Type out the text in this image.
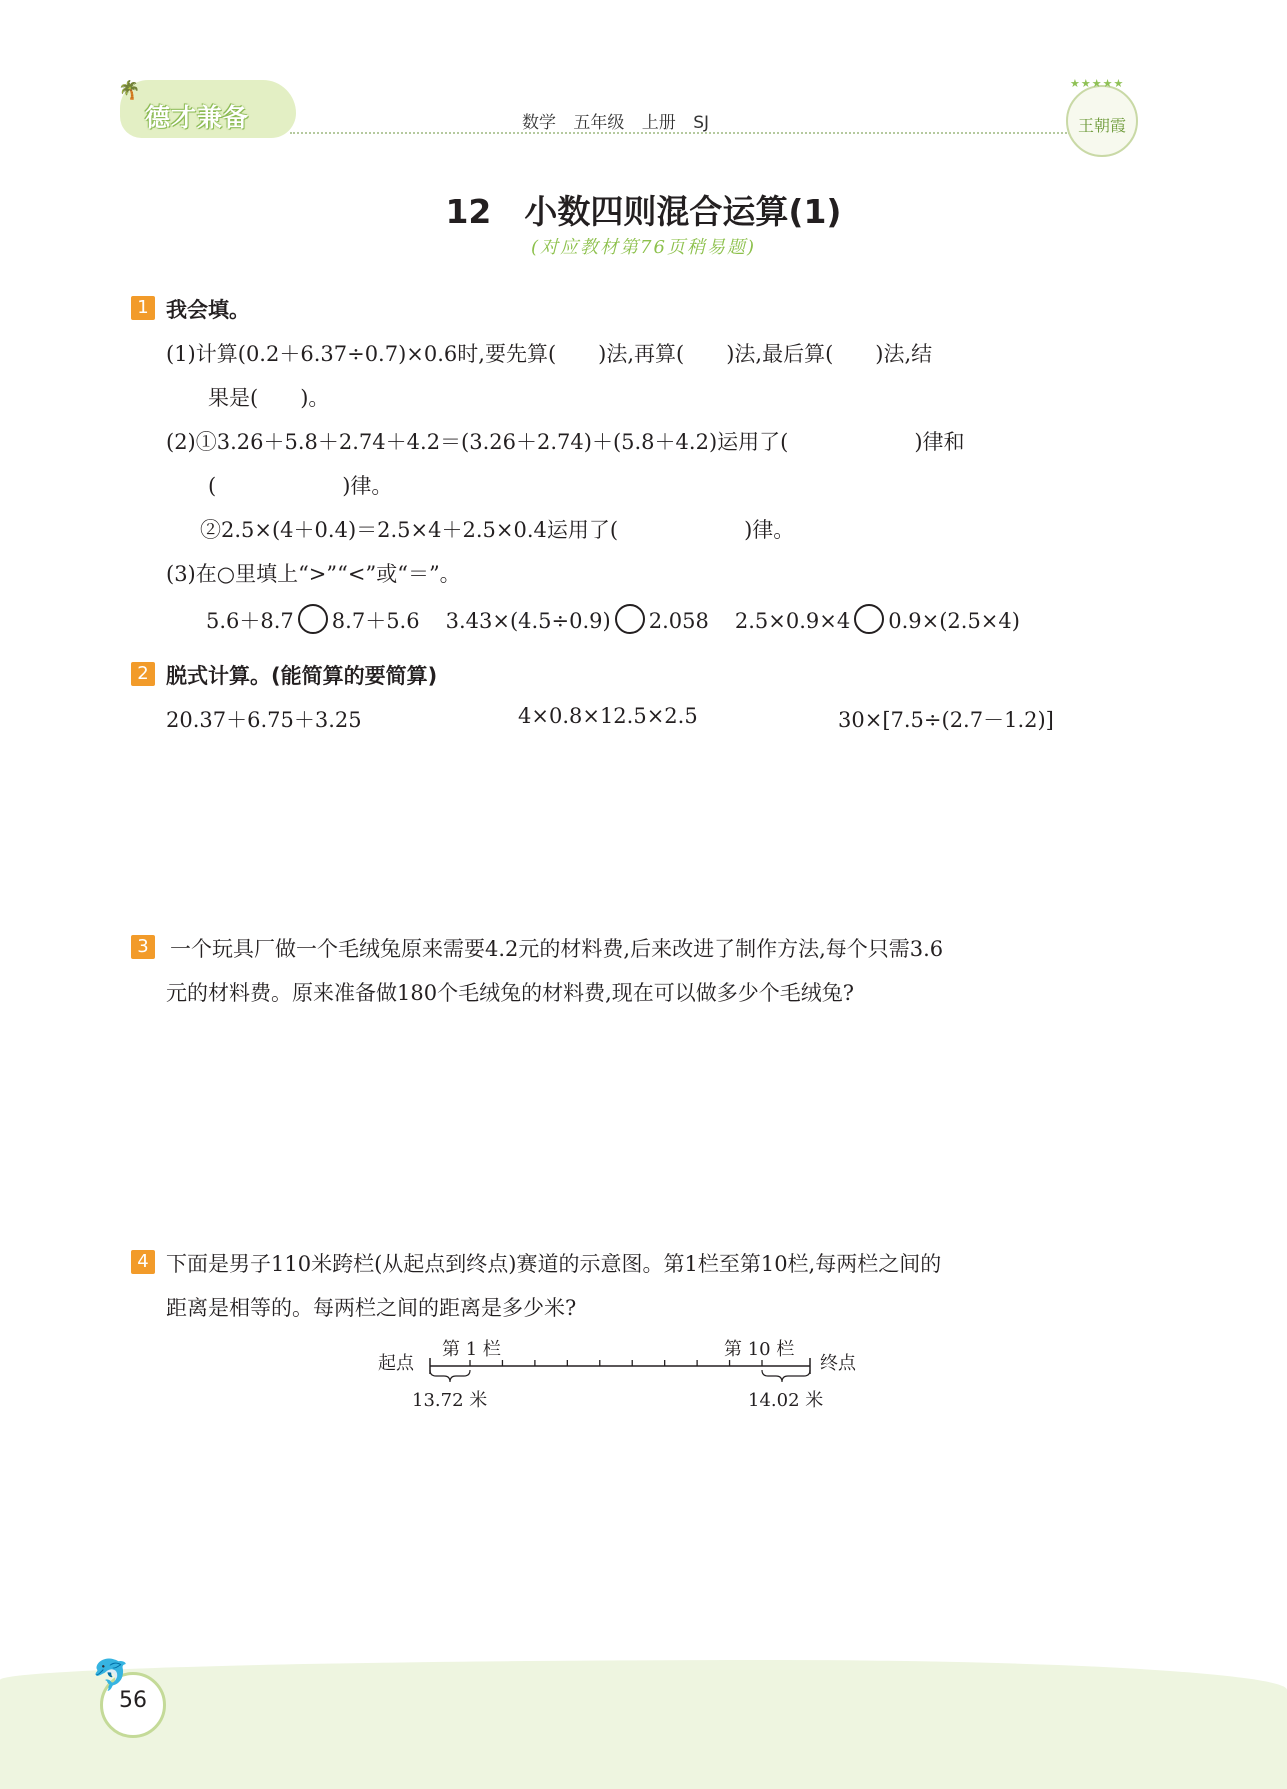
🌴
德才兼备	数学 五年级 上册 SJ
★★★★★
王朝霞
12　小数四则混合运算(1)
(对应教材第76页稍易题)
1 我会填。
(1)计算(0.2＋6.37÷0.7)×0.6时,要先算(　　)法,再算(　　)法,最后算(　　)法,结
果是(　　)。
(2)①3.26＋5.8＋2.74＋4.2＝(3.26＋2.74)＋(5.8＋4.2)运用了(　　　　　　)律和
(　　　　　　)律。
②2.5×(4＋0.4)＝2.5×4＋2.5×0.4运用了(　　　　　　)律。
(3)在○里填上“>”“<”或“＝”。
5.6＋8.7 8.7＋5.6 3.43×(4.5÷0.9) 2.058 2.5×0.9×4 0.9×(2.5×4)
2 脱式计算。(能简算的要简算)
20.37＋6.75＋3.25	4×0.8×12.5×2.5	30×[7.5÷(2.7－1.2)]
3 一个玩具厂做一个毛绒兔原来需要4.2元的材料费,后来改进了制作方法,每个只需3.6
元的材料费。原来准备做180个毛绒兔的材料费,现在可以做多少个毛绒兔?
4 下面是男子110米跨栏(从起点到终点)赛道的示意图。第1栏至第10栏,每两栏之间的
距离是相等的。每两栏之间的距离是多少米?
起点	终点
第 1 栏	第 10 栏
13.72 米	14.02 米
🐬
56
